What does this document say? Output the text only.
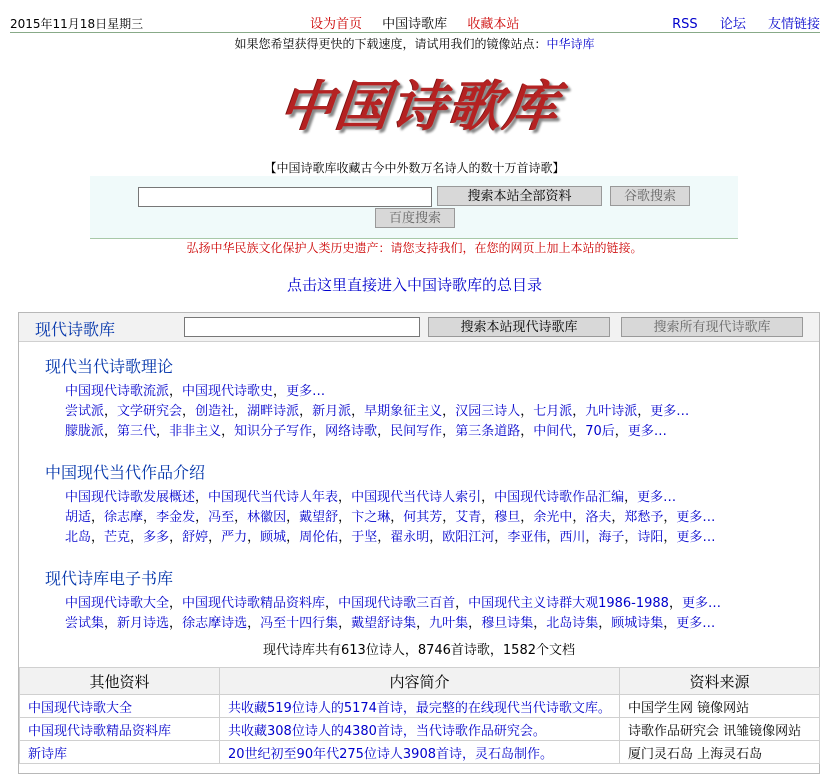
2015年11月18日星期三	设为首页 中国诗歌库 收藏本站	RSS 论坛 友情链接
如果您希望获得更快的下载速度，请试用我们的镜像站点：中华诗库
中国诗歌库
【中国诗歌库收藏古今中外数万名诗人的数十万首诗歌】
搜索本站全部资料	谷歌搜索
百度搜索
弘扬中华民族文化保护人类历史遗产：请您支持我们，在您的网页上加上本站的链接。
点击这里直接进入中国诗歌库的总目录
现代诗歌库	搜索本站现代诗歌库	搜索所有现代诗歌库
现代当代诗歌理论
中国现代诗歌流派，中国现代诗歌史，更多…
尝试派，文学研究会，创造社，湖畔诗派，新月派，早期象征主义，汉园三诗人，七月派，九叶诗派，更多…
朦胧派，第三代，非非主义，知识分子写作，网络诗歌，民间写作，第三条道路，中间代，70后，更多…
中国现代当代作品介绍
中国现代诗歌发展概述，中国现代当代诗人年表，中国现代当代诗人索引，中国现代诗歌作品汇编，更多…
胡适，徐志摩，李金发，冯至，林徽因，戴望舒，卞之琳，何其芳，艾青，穆旦，余光中，洛夫，郑愁予，更多…
北岛，芒克，多多，舒婷，严力，顾城，周伦佑，于坚，翟永明，欧阳江河，李亚伟，西川，海子，诗阳，更多…
现代诗库电子书库
中国现代诗歌大全，中国现代诗歌精品资料库，中国现代诗歌三百首，中国现代主义诗群大观1986-1988，更多…
尝试集，新月诗选，徐志摩诗选，冯至十四行集，戴望舒诗集，九叶集，穆旦诗集，北岛诗集，顾城诗集，更多…
现代诗库共有613位诗人，8746首诗歌，1582个文档
其他资料	内容简介	资料来源
中国现代诗歌大全	共收藏519位诗人的5174首诗，最完整的在线现代当代诗歌文库。	中国学生网 镜像网站
中国现代诗歌精品资料库	共收藏308位诗人的4380首诗，当代诗歌作品研究会。	诗歌作品研究会 讯雏镜像网站
新诗库	20世纪初至90年代275位诗人3908首诗，灵石岛制作。	厦门灵石岛 上海灵石岛
